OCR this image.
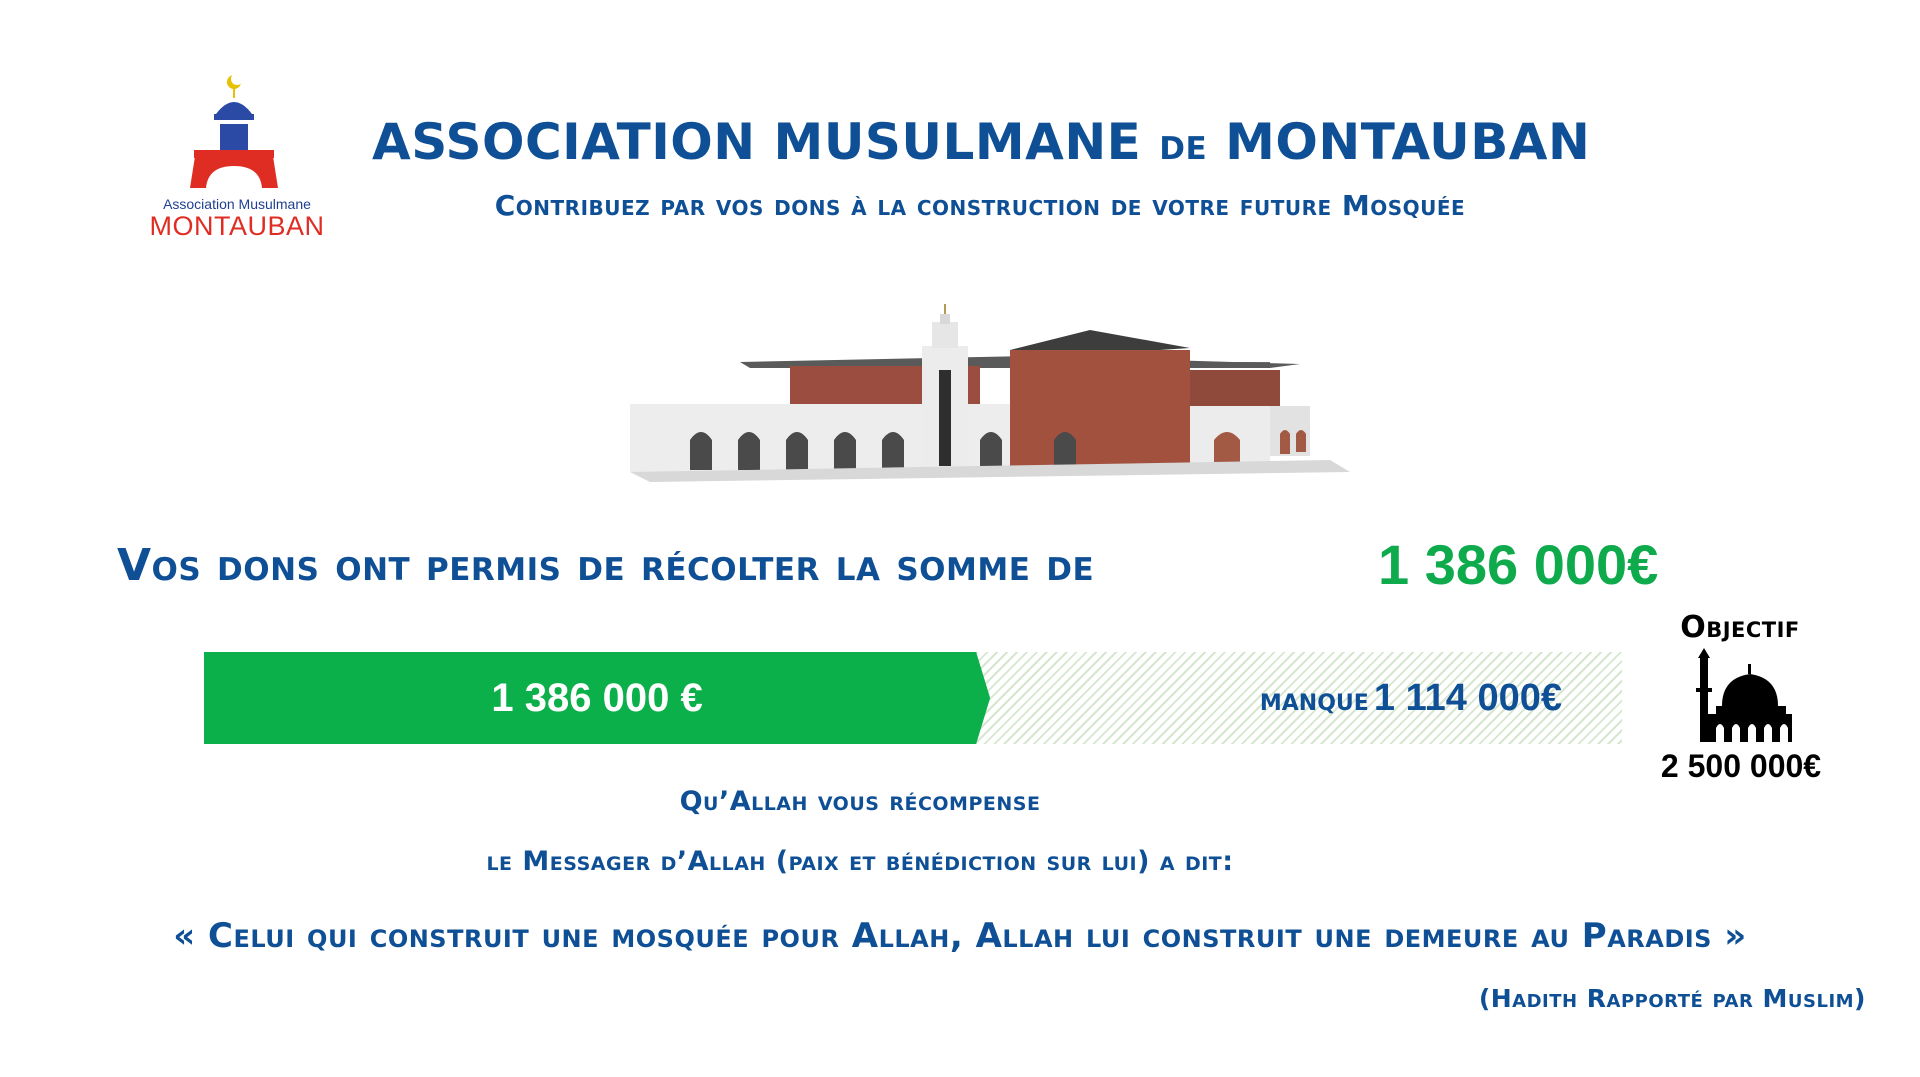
Association Musulmane
MONTAUBAN
ASSOCIATION MUSULMANE de MONTAUBAN
Contribuez par vos dons à la construction de votre future Mosquée
Vos dons ont permis de récolter la somme de	1 386 000€
1 386 000 €	manque 1 114 000€
Objectif
2 500 000€
Qu’Allah vous récompense
le Messager d’Allah (paix et bénédiction sur lui) a dit:
« Celui qui construit une mosquée pour Allah, Allah lui construit une demeure au Paradis »
(Hadith Rapporté par Muslim)
